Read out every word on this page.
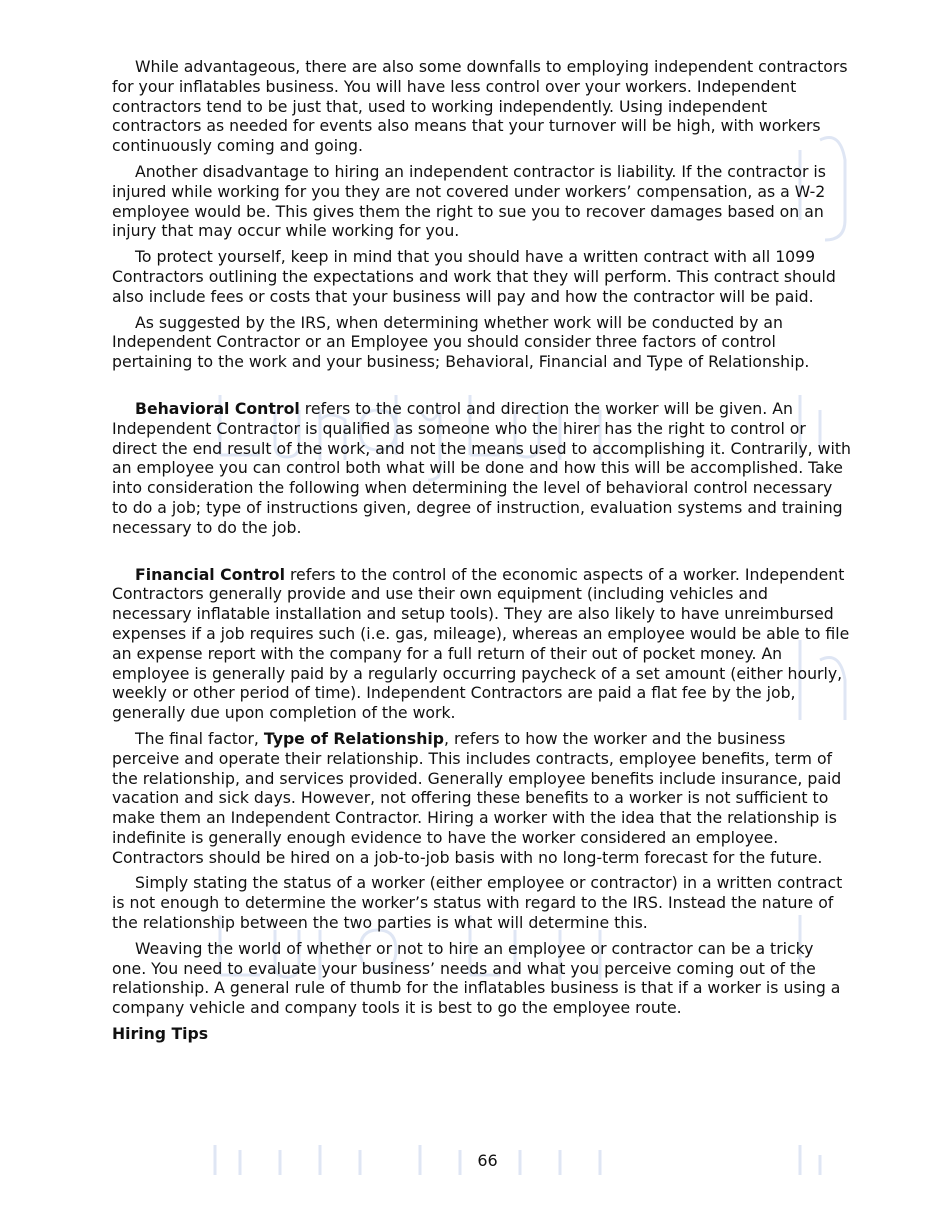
While advantageous, there are also some downfalls to employing independent contractors for your inflatables business. You will have less control over your workers. Independent contractors tend to be just that, used to working independently. Using independent contractors as needed for events also means that your turnover will be high, with workers continuously coming and going.

Another disadvantage to hiring an independent contractor is liability. If the contractor is injured while working for you they are not covered under workers’ compensation, as a W-2 employee would be. This gives them the right to sue you to recover damages based on an injury that may occur while working for you.

To protect yourself, keep in mind that you should have a written contract with all 1099 Contractors outlining the expectations and work that they will perform. This contract should also include fees or costs that your business will pay and how the contractor will be paid.

As suggested by the IRS, when determining whether work will be conducted by an Independent Contractor or an Employee you should consider three factors of control pertaining to the work and your business; Behavioral, Financial and Type of Relationship.

Behavioral Control refers to the control and direction the worker will be given. An Independent Contractor is qualified as someone who the hirer has the right to control or direct the end result of the work, and not the means used to accomplishing it. Contrarily, with an employee you can control both what will be done and how this will be accomplished. Take into consideration the following when determining the level of behavioral control necessary to do a job; type of instructions given, degree of instruction, evaluation systems and training necessary to do the job.

Financial Control refers to the control of the economic aspects of a worker. Independent Contractors generally provide and use their own equipment (including vehicles and necessary inflatable installation and setup tools). They are also likely to have unreimbursed expenses if a job requires such (i.e. gas, mileage), whereas an employee would be able to file an expense report with the company for a full return of their out of pocket money. An employee is generally paid by a regularly occurring paycheck of a set amount (either hourly, weekly or other period of time). Independent Contractors are paid a flat fee by the job, generally due upon completion of the work.

The final factor, Type of Relationship, refers to how the worker and the business perceive and operate their relationship. This includes contracts, employee benefits, term of the relationship, and services provided. Generally employee benefits include insurance, paid vacation and sick days. However, not offering these benefits to a worker is not sufficient to make them an Independent Contractor. Hiring a worker with the idea that the relationship is indefinite is generally enough evidence to have the worker considered an employee. Contractors should be hired on a job-to-job basis with no long-term forecast for the future.

Simply stating the status of a worker (either employee or contractor) in a written contract is not enough to determine the worker’s status with regard to the IRS. Instead the nature of the relationship between the two parties is what will determine this.

Weaving the world of whether or not to hire an employee or contractor can be a tricky one. You need to evaluate your business’ needs and what you perceive coming out of the relationship. A general rule of thumb for the inflatables business is that if a worker is using a company vehicle and company tools it is best to go the employee route.

Hiring Tips
66
